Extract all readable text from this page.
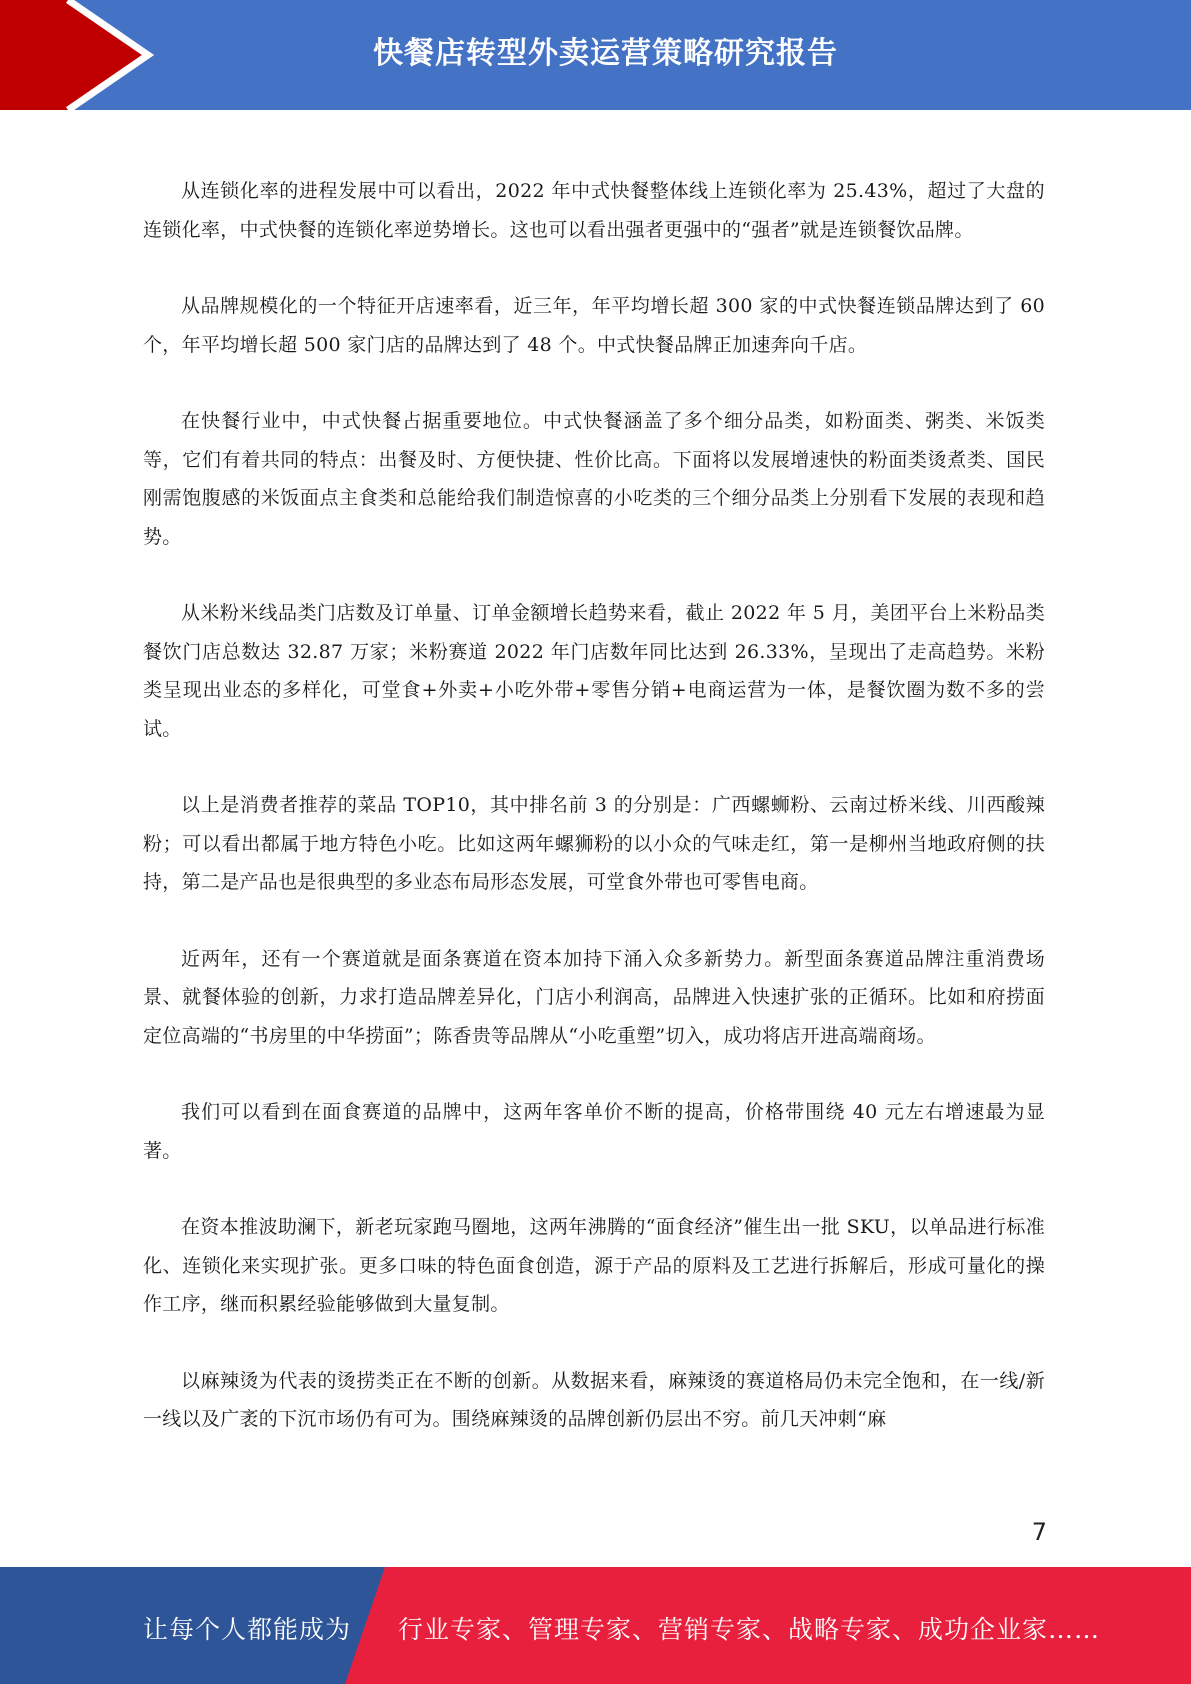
快餐店转型外卖运营策略研究报告

从连锁化率的进程发展中可以看出，2022 年中式快餐整体线上连锁化率为 25.43%，超过了大盘的连锁化率，中式快餐的连锁化率逆势增长。这也可以看出强者更强中的“强者”就是连锁餐饮品牌。

从品牌规模化的一个特征开店速率看，近三年，年平均增长超 300 家的中式快餐连锁品牌达到了 60 个，年平均增长超 500 家门店的品牌达到了 48 个。中式快餐品牌正加速奔向千店。

在快餐行业中，中式快餐占据重要地位。中式快餐涵盖了多个细分品类，如粉面类、粥类、米饭类等，它们有着共同的特点：出餐及时、方便快捷、性价比高。下面将以发展增速快的粉面类烫煮类、国民刚需饱腹感的米饭面点主食类和总能给我们制造惊喜的小吃类的三个细分品类上分别看下发展的表现和趋势。

从米粉米线品类门店数及订单量、订单金额增长趋势来看，截止 2022 年 5 月，美团平台上米粉品类餐饮门店总数达 32.87 万家；米粉赛道 2022 年门店数年同比达到 26.33%，呈现出了走高趋势。米粉类呈现出业态的多样化，可堂食+外卖+小吃外带+零售分销+电商运营为一体，是餐饮圈为数不多的尝试。

以上是消费者推荐的菜品 TOP10，其中排名前 3 的分别是：广西螺蛳粉、云南过桥米线、川西酸辣粉；可以看出都属于地方特色小吃。比如这两年螺狮粉的以小众的气味走红，第一是柳州当地政府侧的扶持，第二是产品也是很典型的多业态布局形态发展，可堂食外带也可零售电商。

近两年，还有一个赛道就是面条赛道在资本加持下涌入众多新势力。新型面条赛道品牌注重消费场景、就餐体验的创新，力求打造品牌差异化，门店小利润高，品牌进入快速扩张的正循环。比如和府捞面定位高端的“书房里的中华捞面”；陈香贵等品牌从“小吃重塑”切入，成功将店开进高端商场。

我们可以看到在面食赛道的品牌中，这两年客单价不断的提高，价格带围绕 40 元左右增速最为显著。

在资本推波助澜下，新老玩家跑马圈地，这两年沸腾的“面食经济”催生出一批 SKU，以单品进行标准化、连锁化来实现扩张。更多口味的特色面食创造，源于产品的原料及工艺进行拆解后，形成可量化的操作工序，继而积累经验能够做到大量复制。

以麻辣烫为代表的烫捞类正在不断的创新。从数据来看，麻辣烫的赛道格局仍未完全饱和，在一线/新一线以及广袤的下沉市场仍有可为。围绕麻辣烫的品牌创新仍层出不穷。前几天冲刺“麻

7
让每个人都能成为 行业专家、管理专家、营销专家、战略专家、成功企业家……
